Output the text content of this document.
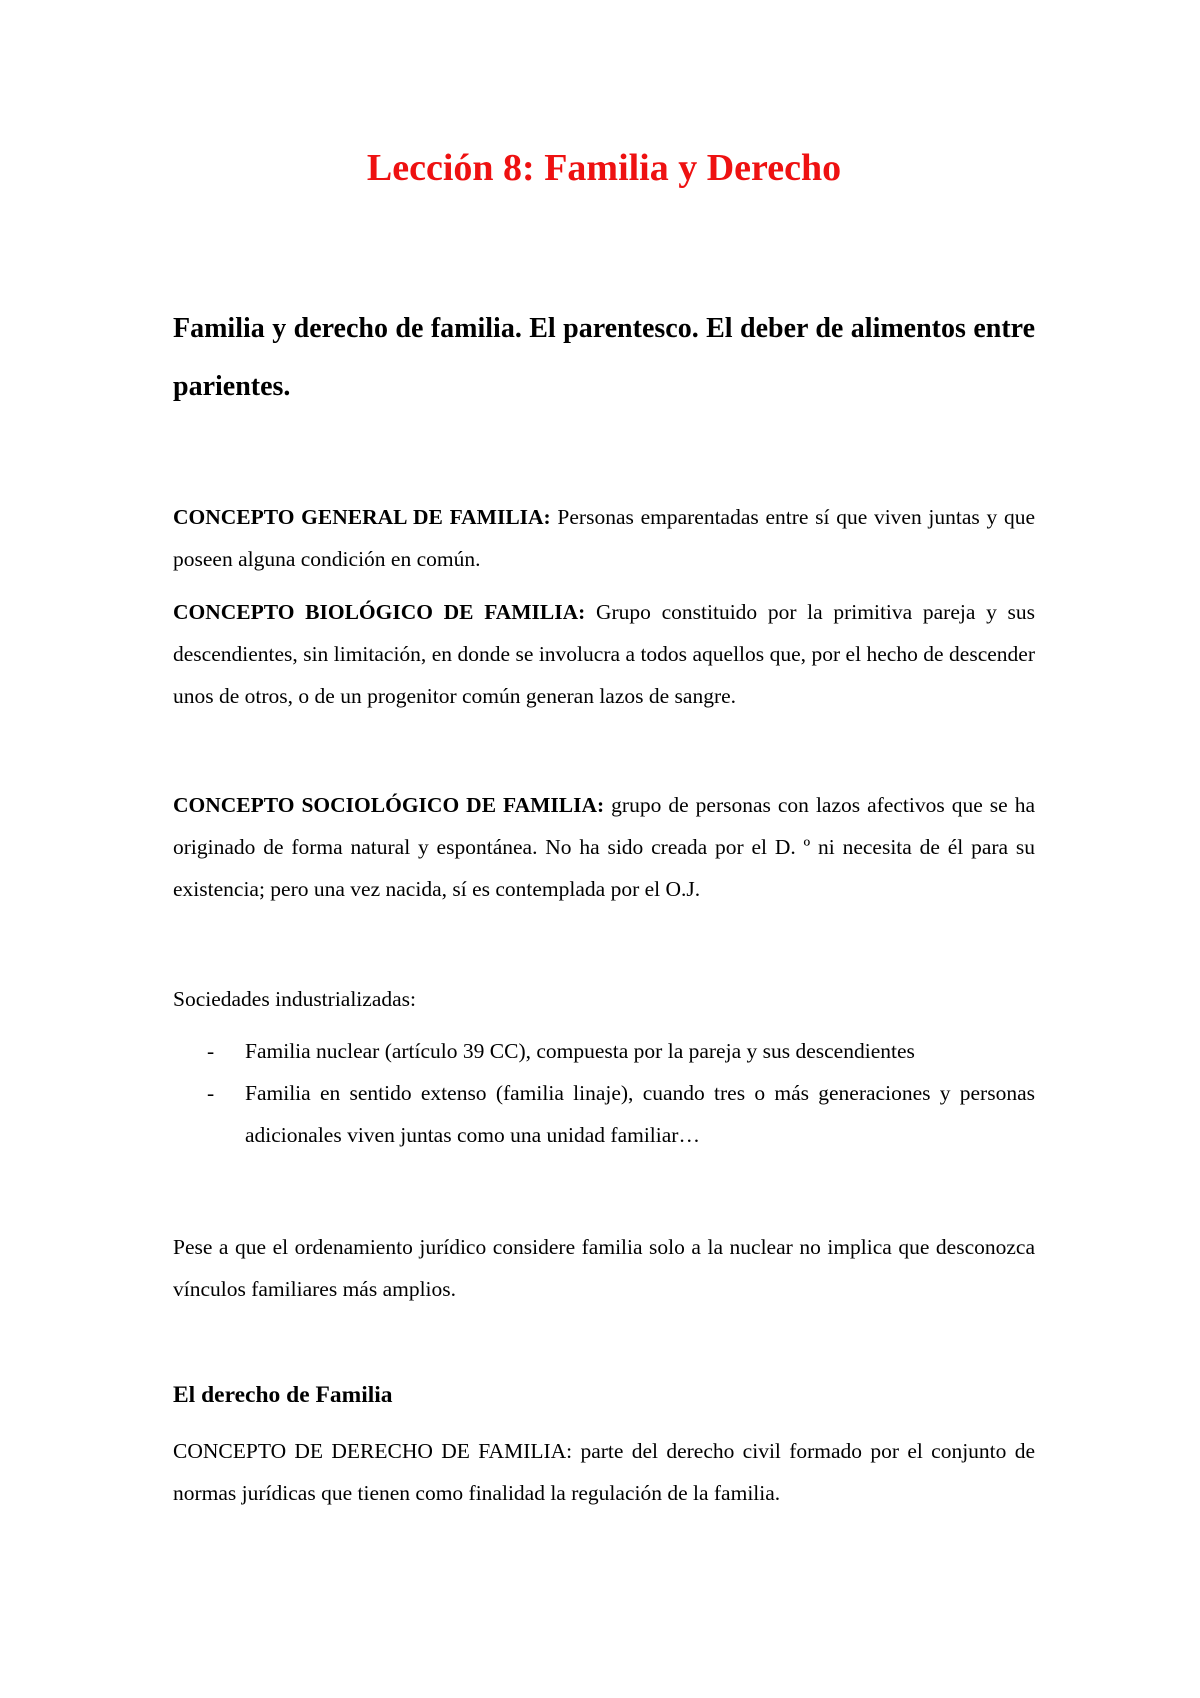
Lección 8: Familia y Derecho
Familia y derecho de familia. El parentesco. El deber de alimentos entre parientes.

CONCEPTO GENERAL DE FAMILIA: Personas emparentadas entre sí que viven juntas y que poseen alguna condición en común.

CONCEPTO BIOLÓGICO DE FAMILIA: Grupo constituido por la primitiva pareja y sus descendientes, sin limitación, en donde se involucra a todos aquellos que, por el hecho de descender unos de otros, o de un progenitor común generan lazos de sangre.

CONCEPTO SOCIOLÓGICO DE FAMILIA: grupo de personas con lazos afectivos que se ha originado de forma natural y espontánea. No ha sido creada por el D. º ni necesita de él para su existencia; pero una vez nacida, sí es contemplada por el O.J.

Sociedades industrializadas:

- Familia nuclear (artículo 39 CC), compuesta por la pareja y sus descendientes
- Familia en sentido extenso (familia linaje), cuando tres o más generaciones y personas adicionales viven juntas como una unidad familiar…

Pese a que el ordenamiento jurídico considere familia solo a la nuclear no implica que desconozca vínculos familiares más amplios.

El derecho de Familia

CONCEPTO DE DERECHO DE FAMILIA: parte del derecho civil formado por el conjunto de normas jurídicas que tienen como finalidad la regulación de la familia.
